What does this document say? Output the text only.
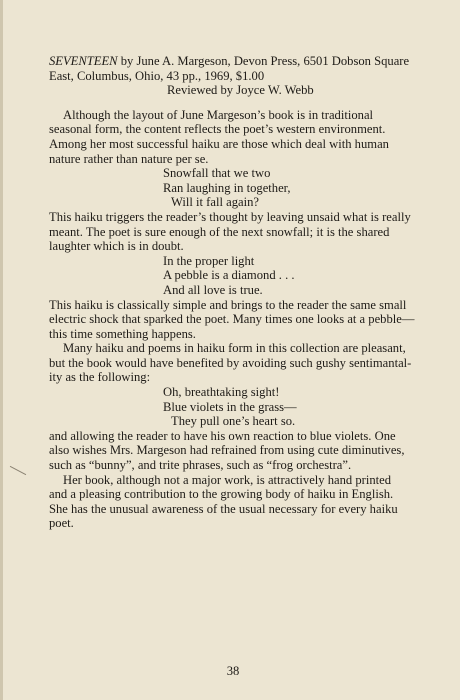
SEVENTEEN by June A. Margeson, Devon Press, 6501 Dobson Square
East, Columbus, Ohio, 43 pp., 1969, $1.00
Reviewed by Joyce W. Webb
Although the layout of June Margeson’s book is in traditional
seasonal form, the content reflects the poet’s western environment.
Among her most successful haiku are those which deal with human
nature rather than nature per se.
Snowfall that we two
Ran laughing in together,
Will it fall again?
This haiku triggers the reader’s thought by leaving unsaid what is really
meant. The poet is sure enough of the next snowfall; it is the shared
laughter which is in doubt.
In the proper light
A pebble is a diamond . . .
And all love is true.
This haiku is classically simple and brings to the reader the same small
electric shock that sparked the poet. Many times one looks at a pebble—
this time something happens.
Many haiku and poems in haiku form in this collection are pleasant,
but the book would have benefited by avoiding such gushy sentimantal-
ity as the following:
Oh, breathtaking sight!
Blue violets in the grass—
They pull one’s heart so.
and allowing the reader to have his own reaction to blue violets. One
also wishes Mrs. Margeson had refrained from using cute diminutives,
such as “bunny”, and trite phrases, such as “frog orchestra”.
Her book, although not a major work, is attractively hand printed
and a pleasing contribution to the growing body of haiku in English.
She has the unusual awareness of the usual necessary for every haiku
poet.
38
